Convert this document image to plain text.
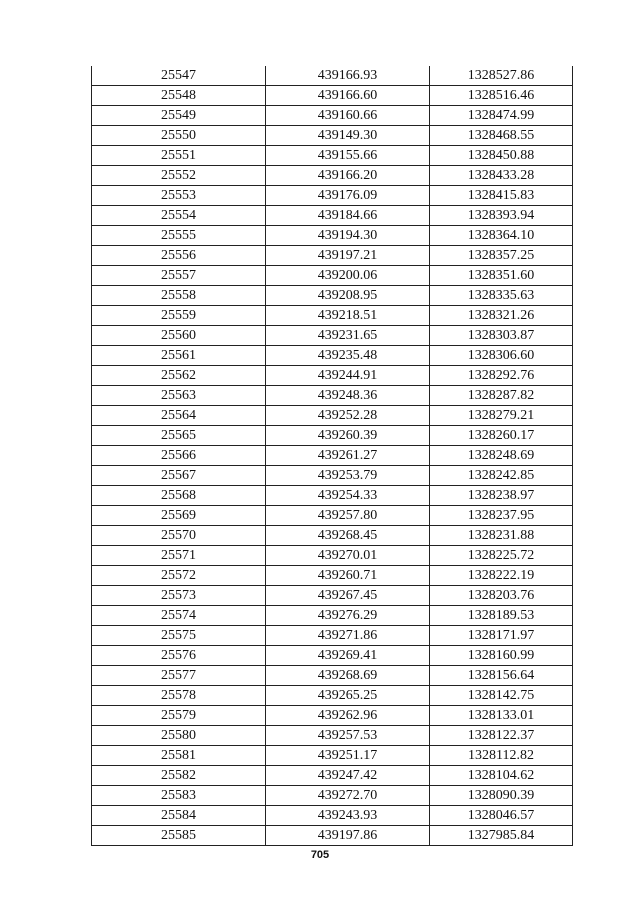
25547	439166.93	1328527.86
25548	439166.60	1328516.46
25549	439160.66	1328474.99
25550	439149.30	1328468.55
25551	439155.66	1328450.88
25552	439166.20	1328433.28
25553	439176.09	1328415.83
25554	439184.66	1328393.94
25555	439194.30	1328364.10
25556	439197.21	1328357.25
25557	439200.06	1328351.60
25558	439208.95	1328335.63
25559	439218.51	1328321.26
25560	439231.65	1328303.87
25561	439235.48	1328306.60
25562	439244.91	1328292.76
25563	439248.36	1328287.82
25564	439252.28	1328279.21
25565	439260.39	1328260.17
25566	439261.27	1328248.69
25567	439253.79	1328242.85
25568	439254.33	1328238.97
25569	439257.80	1328237.95
25570	439268.45	1328231.88
25571	439270.01	1328225.72
25572	439260.71	1328222.19
25573	439267.45	1328203.76
25574	439276.29	1328189.53
25575	439271.86	1328171.97
25576	439269.41	1328160.99
25577	439268.69	1328156.64
25578	439265.25	1328142.75
25579	439262.96	1328133.01
25580	439257.53	1328122.37
25581	439251.17	1328112.82
25582	439247.42	1328104.62
25583	439272.70	1328090.39
25584	439243.93	1328046.57
25585	439197.86	1327985.84
705
